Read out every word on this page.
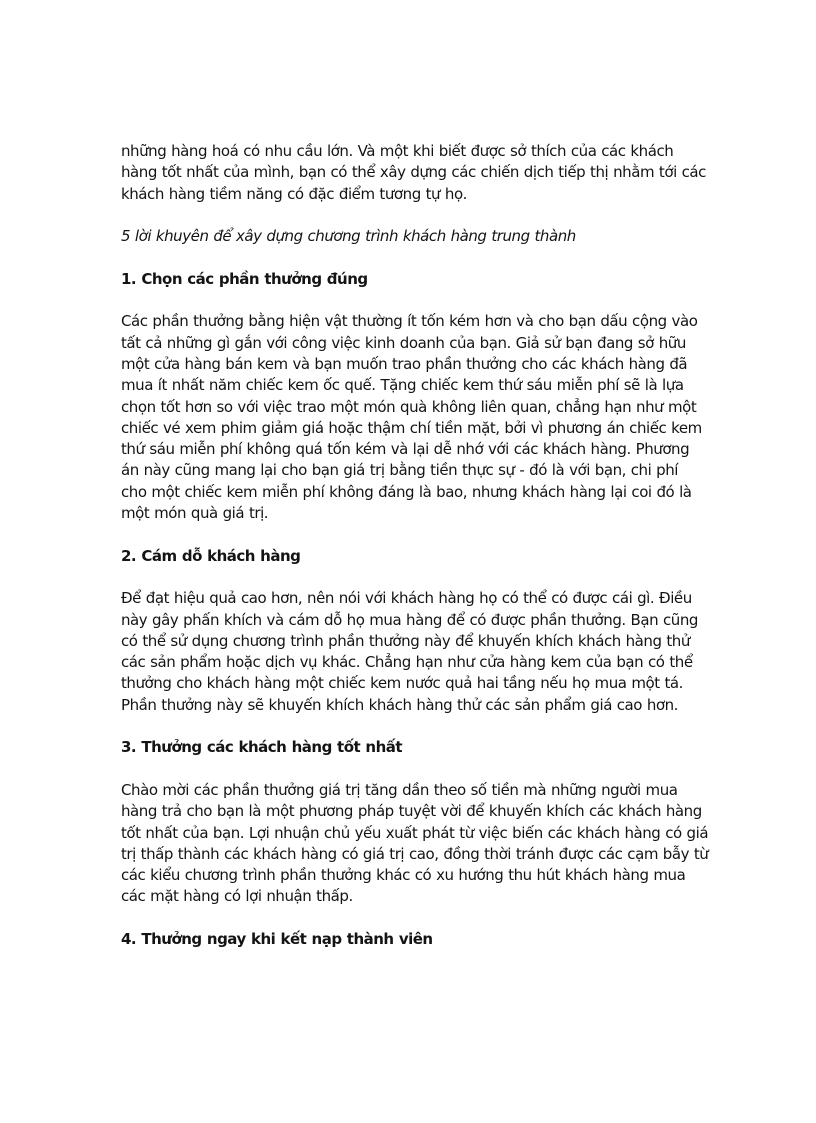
những hàng hoá có nhu cầu lớn. Và một khi biết được sở thích của các khách
hàng tốt nhất của mình, bạn có thể xây dựng các chiến dịch tiếp thị nhằm tới các
khách hàng tiềm năng có đặc điểm tương tự họ.
5 lời khuyên để xây dựng chương trình khách hàng trung thành
1. Chọn các phần thưởng đúng
Các phần thưởng bằng hiện vật thường ít tốn kém hơn và cho bạn dấu cộng vào
tất cả những gì gắn với công việc kinh doanh của bạn. Giả sử bạn đang sở hữu
một cửa hàng bán kem và bạn muốn trao phần thưởng cho các khách hàng đã
mua ít nhất năm chiếc kem ốc quế. Tặng chiếc kem thứ sáu miễn phí sẽ là lựa
chọn tốt hơn so với việc trao một món quà không liên quan, chẳng hạn như một
chiếc vé xem phim giảm giá hoặc thậm chí tiền mặt, bởi vì phương án chiếc kem
thứ sáu miễn phí không quá tốn kém và lại dễ nhớ với các khách hàng. Phương
án này cũng mang lại cho bạn giá trị bằng tiền thực sự - đó là với bạn, chi phí
cho một chiếc kem miễn phí không đáng là bao, nhưng khách hàng lại coi đó là
một món quà giá trị.
2. Cám dỗ khách hàng
Để đạt hiệu quả cao hơn, nên nói với khách hàng họ có thể có được cái gì. Điều
này gây phấn khích và cám dỗ họ mua hàng để có được phần thưởng. Bạn cũng
có thể sử dụng chương trình phần thưởng này để khuyến khích khách hàng thử
các sản phẩm hoặc dịch vụ khác. Chẳng hạn như cửa hàng kem của bạn có thể
thưởng cho khách hàng một chiếc kem nước quả hai tầng nếu họ mua một tá.
Phần thưởng này sẽ khuyến khích khách hàng thử các sản phẩm giá cao hơn.
3. Thưởng các khách hàng tốt nhất
Chào mời các phần thưởng giá trị tăng dần theo số tiền mà những người mua
hàng trả cho bạn là một phương pháp tuyệt vời để khuyến khích các khách hàng
tốt nhất của bạn. Lợi nhuận chủ yếu xuất phát từ việc biến các khách hàng có giá
trị thấp thành các khách hàng có giá trị cao, đồng thời tránh được các cạm bẫy từ
các kiểu chương trình phần thưởng khác có xu hướng thu hút khách hàng mua
các mặt hàng có lợi nhuận thấp.
4. Thưởng ngay khi kết nạp thành viên
